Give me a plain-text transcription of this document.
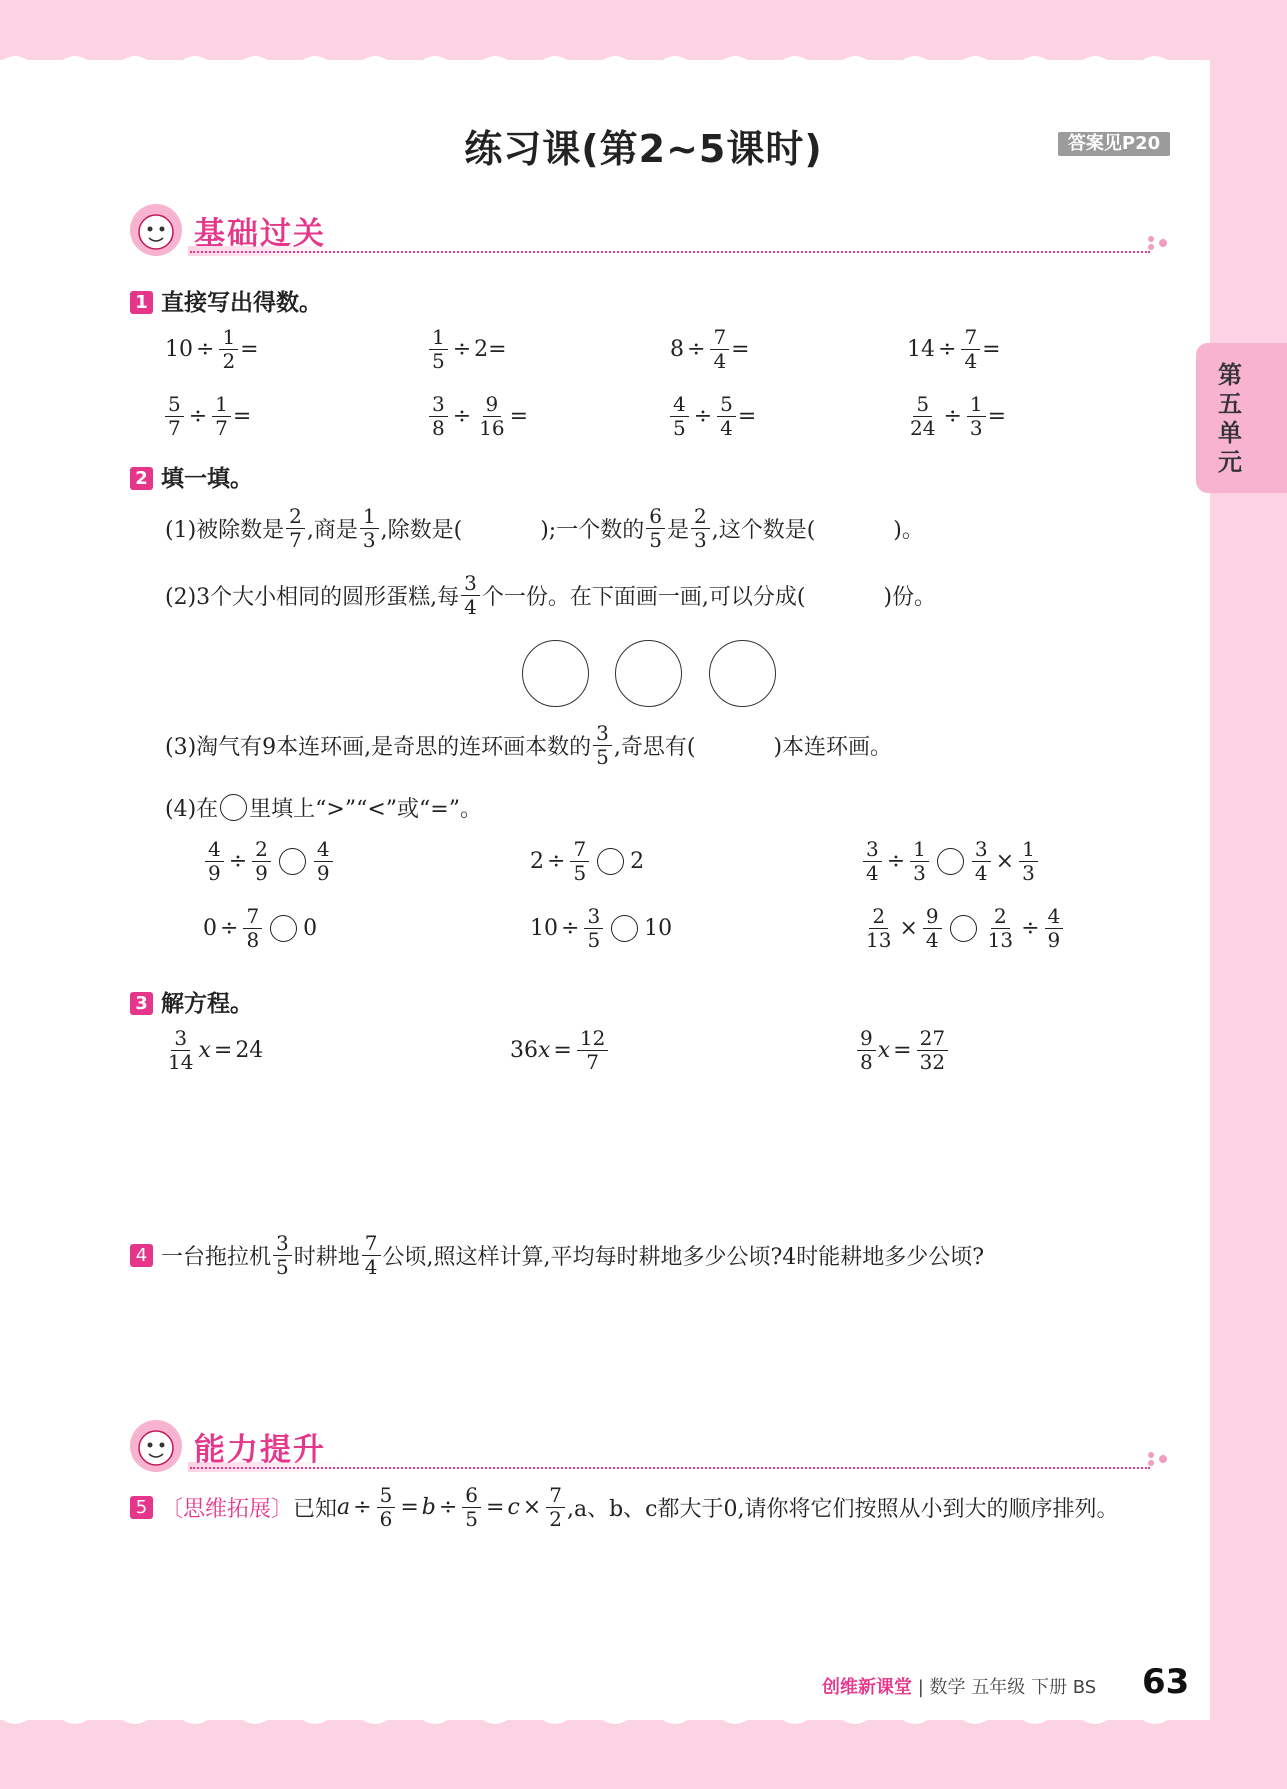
练习课(第2~5课时)	答案见P20
第五单元
基础过关
1 直接写出得数。
$10 \div \frac{1}{2}$ =	$\frac{1}{5} \div 2$ =	$8 \div \frac{7}{4}$ =	$14 \div \frac{7}{4}$ =
$\frac{5}{7} \div \frac{1}{7}$ =	$\frac{3}{8} \div \frac{9}{16}$ =	$\frac{4}{5} \div \frac{5}{4}$ =	$\frac{5}{24} \div \frac{1}{3}$ =
2 填一填。
(1)被除数是 $\frac{2}{7}$ ,商是 $\frac{1}{3}$ ,除数是(	);一个数的 $\frac{6}{5}$ 是 $\frac{2}{3}$ ,这个数是(	)。
(2)3个大小相同的圆形蛋糕,每 $\frac{3}{4}$ 个一份。在下面画一画,可以分成(	)份。
(3)淘气有9本连环画,是奇思的连环画本数的 $\frac{3}{5}$ ,奇思有(	)本连环画。
(4)在 里填上“>”“<”或“=”。
$\frac{4}{9} \div \frac{2}{9} \frac{4}{9}$	$2 \div \frac{7}{5} 2$	$\frac{3}{4} \div \frac{1}{3} \frac{3}{4} \times \frac{1}{3}$
$0 \div \frac{7}{8} 0$	$10 \div \frac{3}{5} 10$	$\frac{2}{13} \times \frac{9}{4} \frac{2}{13} \div \frac{4}{9}$
3 解方程。
$\frac{3}{14}$ x = 24	36 $x = \frac{12}{7}$	$\frac{9}{8}$ $x = \frac{27}{32}$
4 一台拖拉机 $\frac{3}{5}$ 时耕地 $\frac{7}{4}$ 公顷,照这样计算,平均每时耕地多少公顷?4时能耕地多少公顷?
能力提升
5 〔思维拓展〕 已知 $a \div \frac{5}{6} = b \div \frac{6}{5} = c \times \frac{7}{2} ,a$、b、c都大于0,请你将它们按照从小到大的顺序排列。
创维新课堂 | 数学 五年级 下册 BS 63
